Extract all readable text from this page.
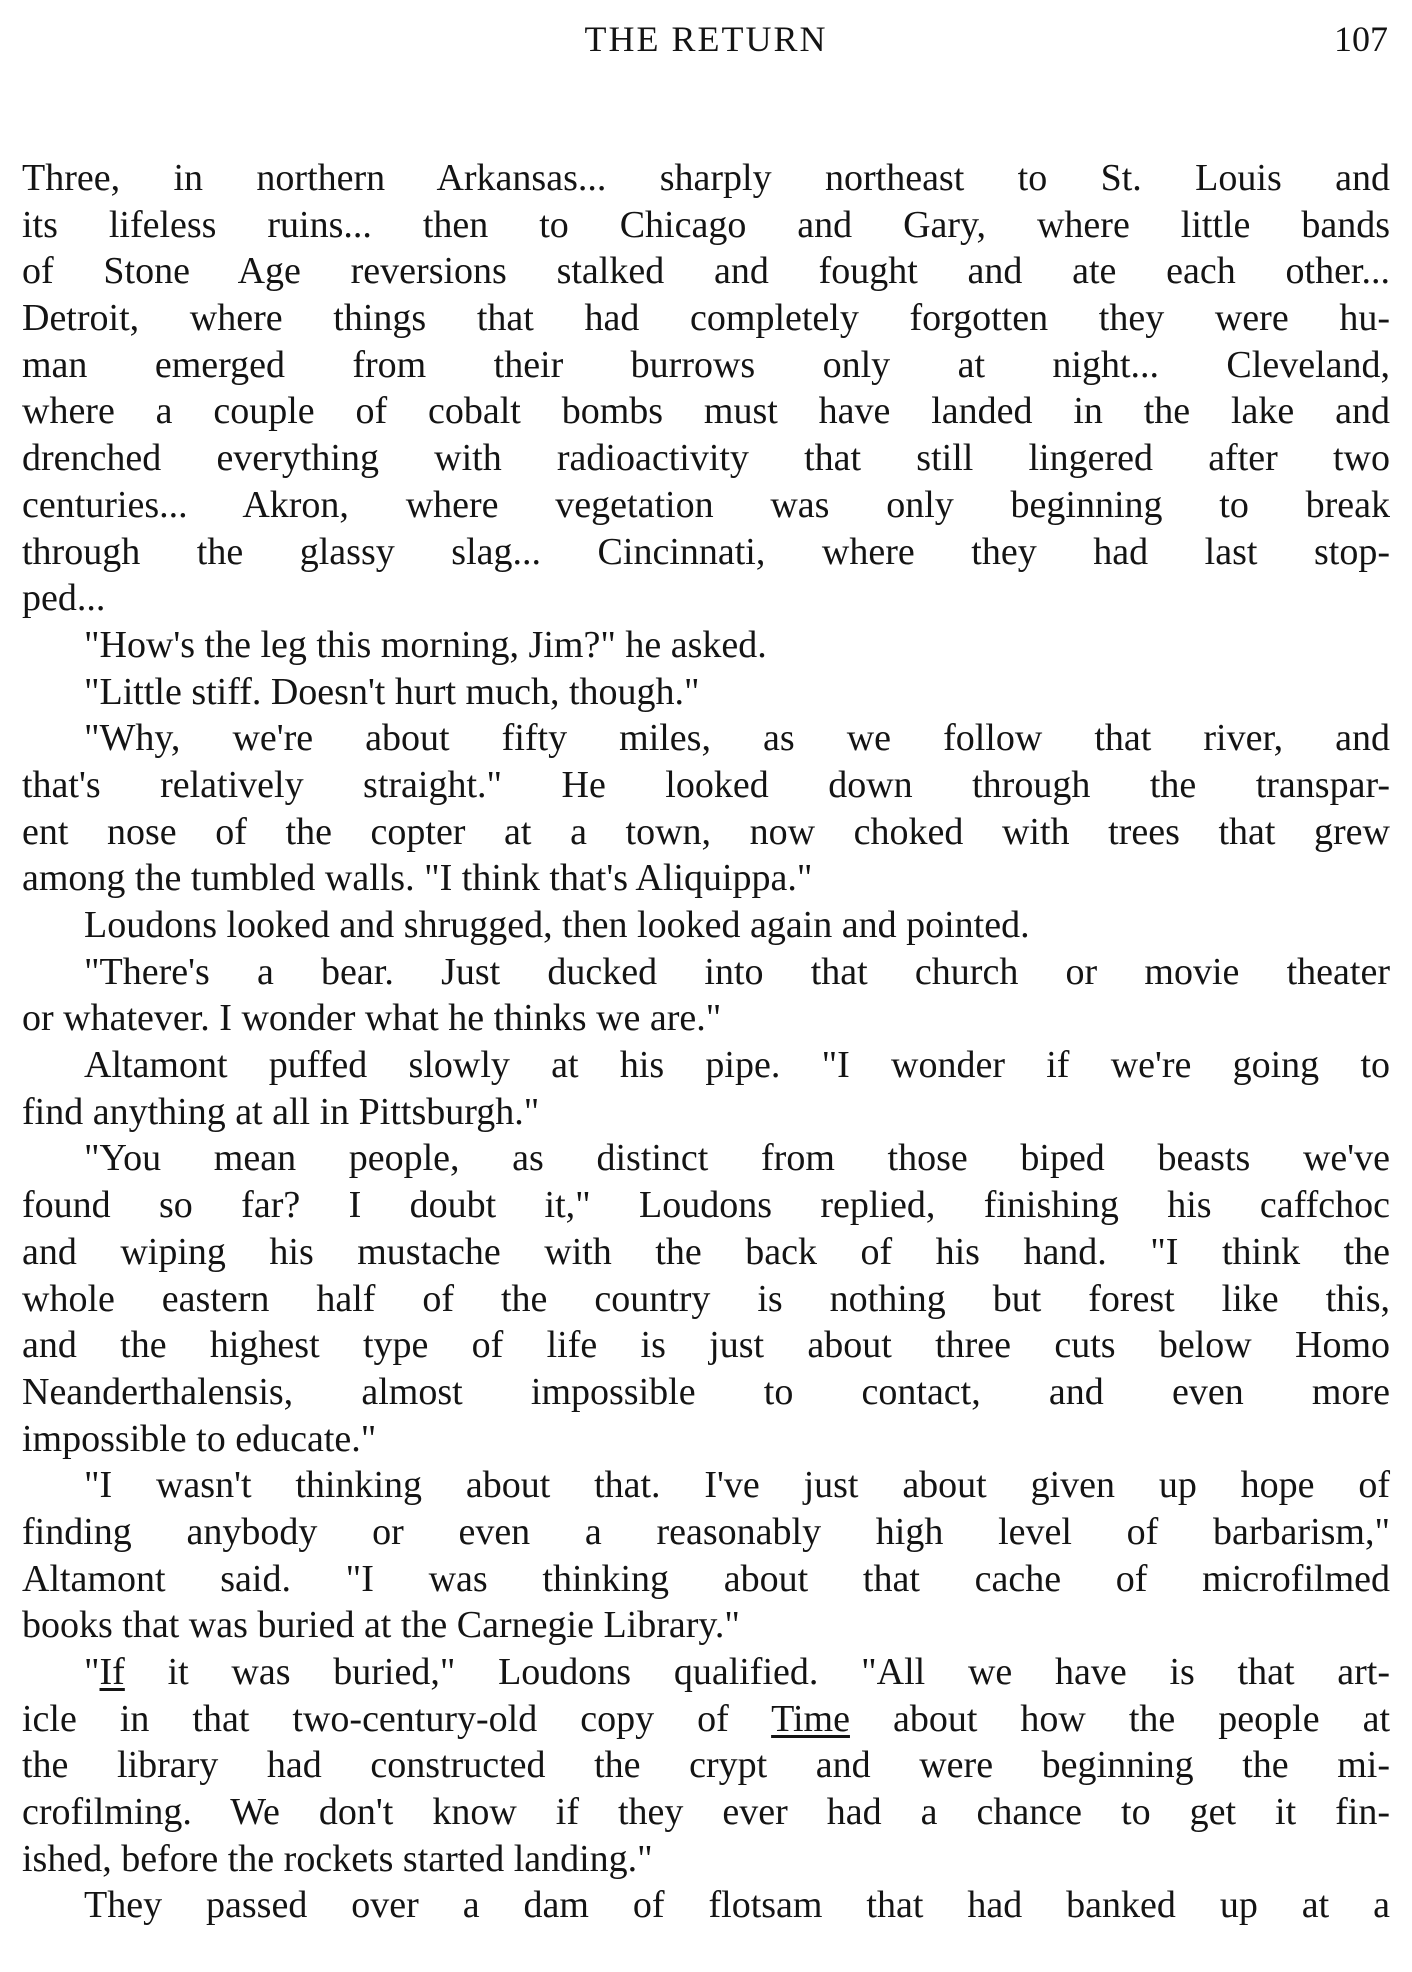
THE RETURN	107
Three, in northern Arkansas... sharply northeast to St. Louis and
its lifeless ruins... then to Chicago and Gary, where little bands
of Stone Age reversions stalked and fought and ate each other...
Detroit, where things that had completely forgotten they were hu-
man emerged from their burrows only at night... Cleveland,
where a couple of cobalt bombs must have landed in the lake and
drenched everything with radioactivity that still lingered after two
centuries... Akron, where vegetation was only beginning to break
through the glassy slag... Cincinnati, where they had last stop-
ped...
"How's the leg this morning, Jim?" he asked.
"Little stiff. Doesn't hurt much, though."
"Why, we're about fifty miles, as we follow that river, and
that's relatively straight." He looked down through the transpar-
ent nose of the copter at a town, now choked with trees that grew
among the tumbled walls. "I think that's Aliquippa."
Loudons looked and shrugged, then looked again and pointed.
"There's a bear. Just ducked into that church or movie theater
or whatever. I wonder what he thinks we are."
Altamont puffed slowly at his pipe. "I wonder if we're going to
find anything at all in Pittsburgh."
"You mean people, as distinct from those biped beasts we've
found so far? I doubt it," Loudons replied, finishing his caffchoc
and wiping his mustache with the back of his hand. "I think the
whole eastern half of the country is nothing but forest like this,
and the highest type of life is just about three cuts below Homo
Neanderthalensis, almost impossible to contact, and even more
impossible to educate."
"I wasn't thinking about that. I've just about given up hope of
finding anybody or even a reasonably high level of barbarism,"
Altamont said. "I was thinking about that cache of microfilmed
books that was buried at the Carnegie Library."
"If it was buried," Loudons qualified. "All we have is that art-
icle in that two-century-old copy of Time about how the people at
the library had constructed the crypt and were beginning the mi-
crofilming. We don't know if they ever had a chance to get it fin-
ished, before the rockets started landing."
They passed over a dam of flotsam that had banked up at a
